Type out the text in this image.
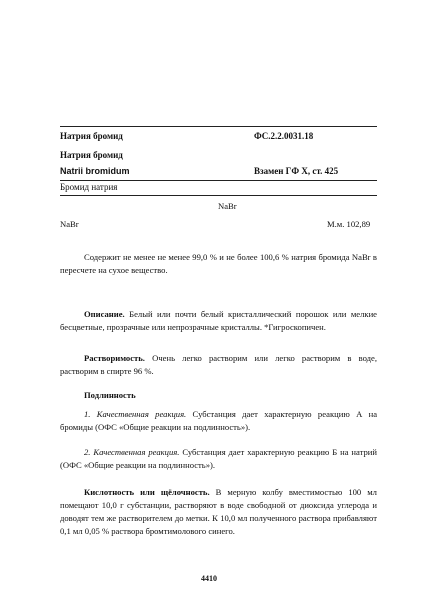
Натрия бромид	ФС.2.2.0031.18
Натрия бромид
Natrii bromidum	Взамен ГФ X, ст. 425
Бромид натрия
NaBr
NaBr	М.м. 102,89
Содержит не менее не менее 99,0 % и не более 100,6 % натрия бромида NaBr в пересчете на сухое вещество.
Описание. Белый или почти белый кристаллический порошок или мелкие бесцветные, прозрачные или непрозрачные кристаллы. *Гигроскопичен.
Растворимость. Очень легко растворим или легко растворим в воде, растворим в спирте 96 %.
Подлинность
1. Качественная реакция. Субстанция дает характерную реакцию А на бромиды (ОФС «Общие реакции на подлинность»).
2. Качественная реакция. Субстанция дает характерную реакцию Б на натрий (ОФС «Общие реакции на подлинность»).
Кислотность или щёлочность. В мерную колбу вместимостью 100 мл помещают 10,0 г субстанции, растворяют в воде свободной от диоксида углерода и доводят тем же растворителем до метки. К 10,0 мл полученного раствора прибавляют 0,1 мл 0,05 % раствора бромтимолового синего.
4410
